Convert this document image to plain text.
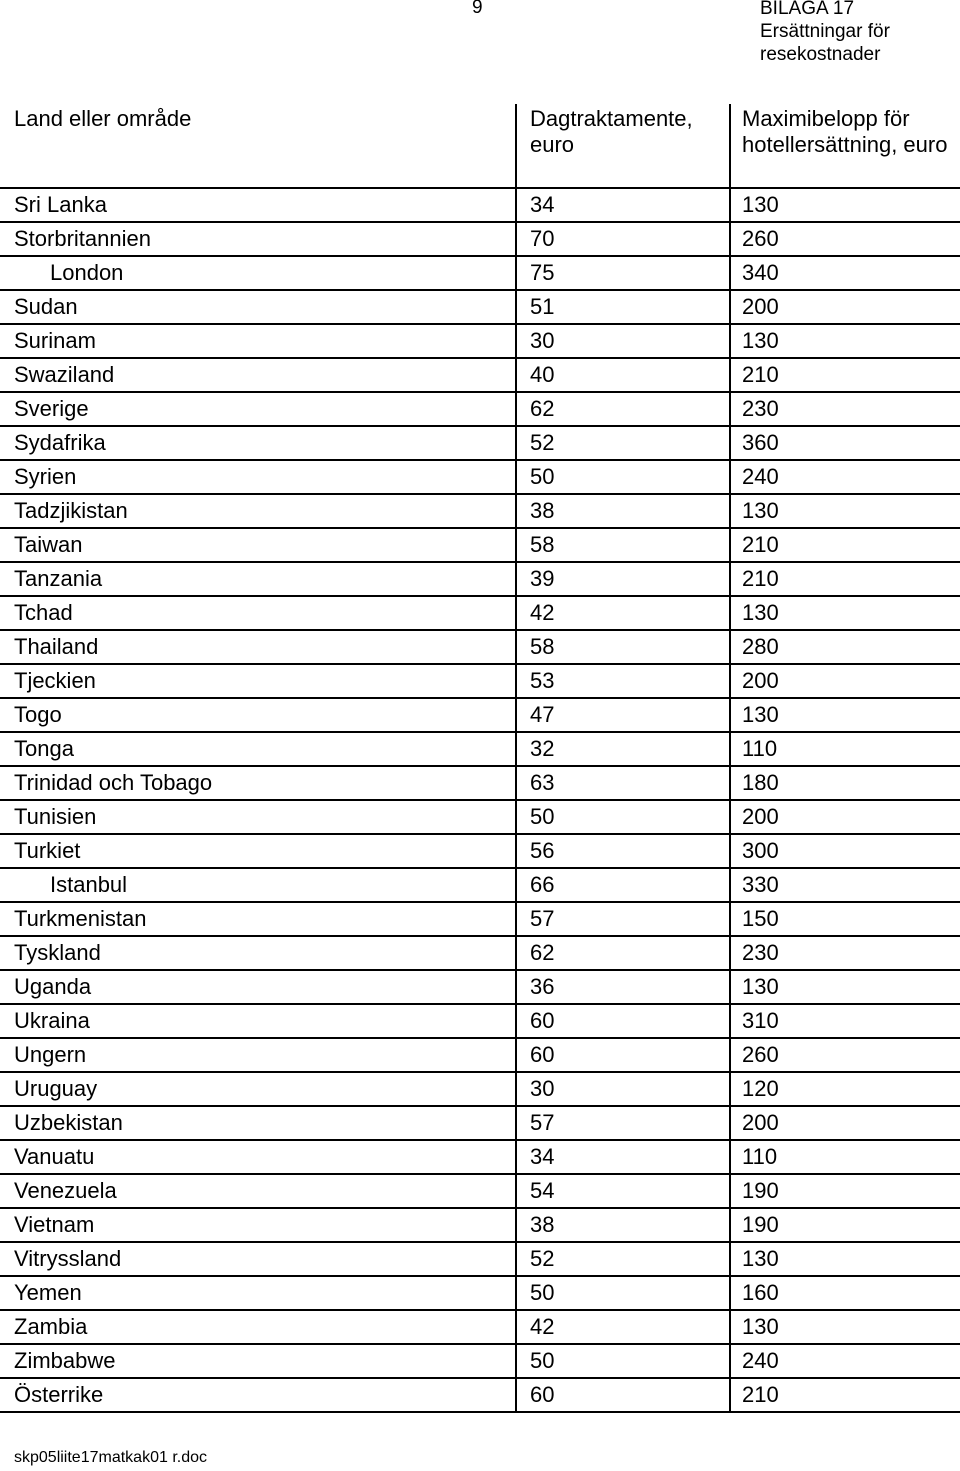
9	BILAGA 17
Ersättningar för
resekostnader
Land eller område	Dagtraktamente, euro	Maximibelopp för hotellersättning, euro
Sri Lanka	34	130
Storbritannien	70	260
London	75	340
Sudan	51	200
Surinam	30	130
Swaziland	40	210
Sverige	62	230
Sydafrika	52	360
Syrien	50	240
Tadzjikistan	38	130
Taiwan	58	210
Tanzania	39	210
Tchad	42	130
Thailand	58	280
Tjeckien	53	200
Togo	47	130
Tonga	32	110
Trinidad och Tobago	63	180
Tunisien	50	200
Turkiet	56	300
Istanbul	66	330
Turkmenistan	57	150
Tyskland	62	230
Uganda	36	130
Ukraina	60	310
Ungern	60	260
Uruguay	30	120
Uzbekistan	57	200
Vanuatu	34	110
Venezuela	54	190
Vietnam	38	190
Vitryssland	52	130
Yemen	50	160
Zambia	42	130
Zimbabwe	50	240
Österrike	60	210
skp05liite17matkak01 r.doc
